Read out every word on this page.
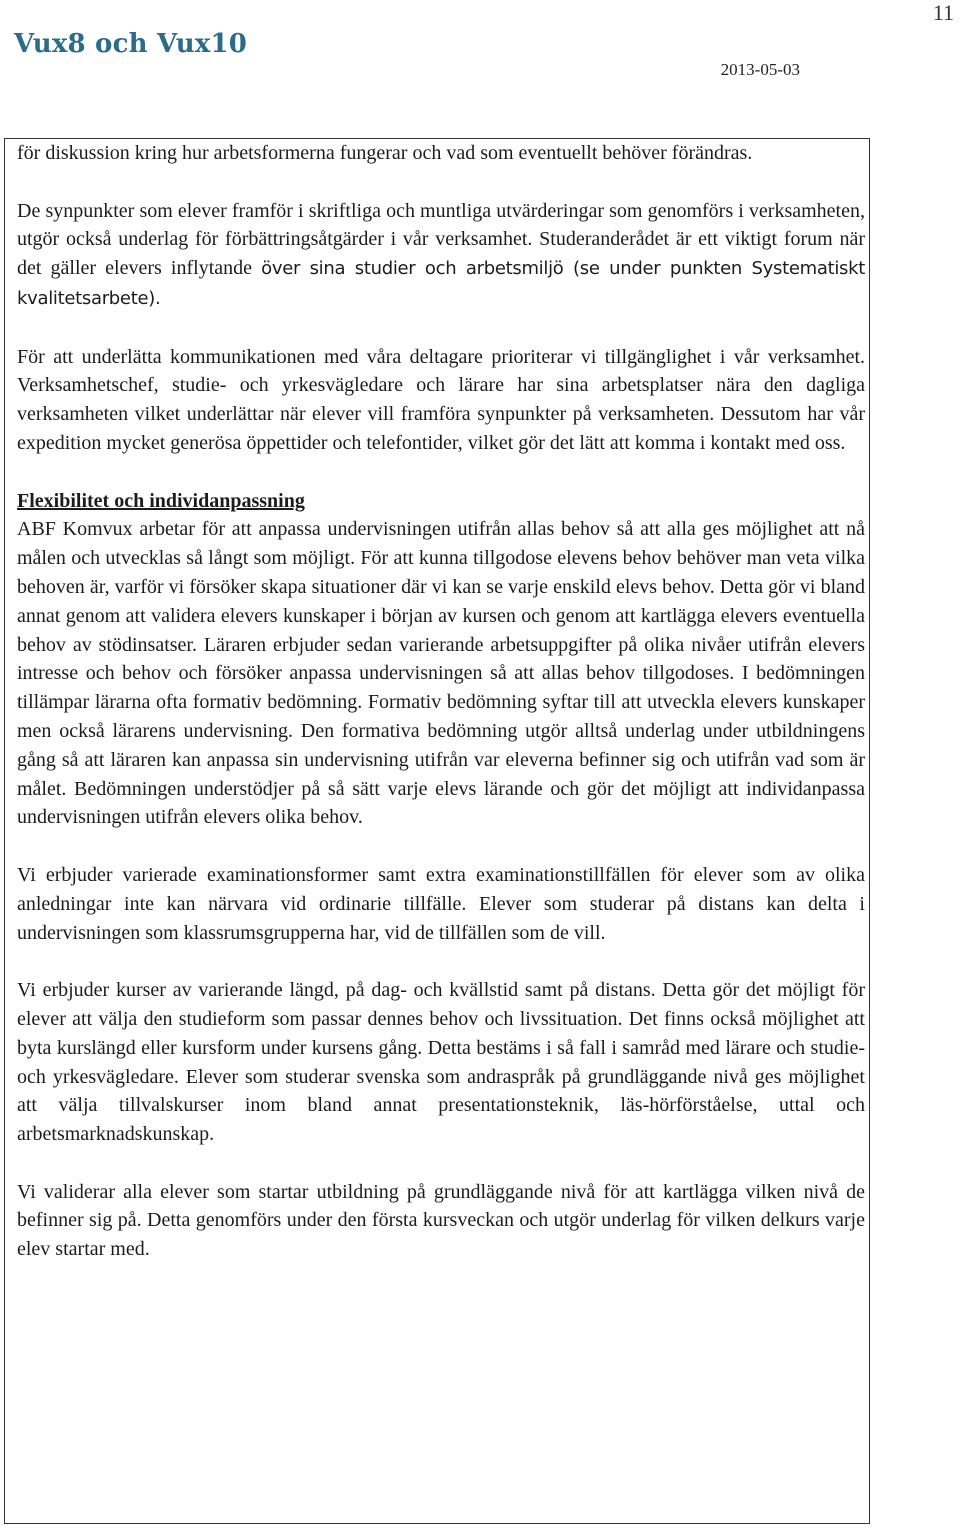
11
Vux8 och Vux10
2013-05-03

för diskussion kring hur arbetsformerna fungerar och vad som eventuellt behöver förändras.

De synpunkter som elever framför i skriftliga och muntliga utvärderingar som genomförs i verksamheten, utgör också underlag för förbättringsåtgärder i vår verksamhet. Studeranderådet är ett viktigt forum när det gäller elevers inflytande över sina studier och arbetsmiljö (se under punkten Systematiskt kvalitetsarbete).

För att underlätta kommunikationen med våra deltagare prioriterar vi tillgänglighet i vår verksamhet. Verksamhetschef, studie- och yrkesvägledare och lärare har sina arbetsplatser nära den dagliga verksamheten vilket underlättar när elever vill framföra synpunkter på verksamheten. Dessutom har vår expedition mycket generösa öppettider och telefontider, vilket gör det lätt att komma i kontakt med oss.

Flexibilitet och individanpassning

ABF Komvux arbetar för att anpassa undervisningen utifrån allas behov så att alla ges möjlighet att nå målen och utvecklas så långt som möjligt. För att kunna tillgodose elevens behov behöver man veta vilka behoven är, varför vi försöker skapa situationer där vi kan se varje enskild elevs behov. Detta gör vi bland annat genom att validera elevers kunskaper i början av kursen och genom att kartlägga elevers eventuella behov av stödinsatser. Läraren erbjuder sedan varierande arbetsuppgifter på olika nivåer utifrån elevers intresse och behov och försöker anpassa undervisningen så att allas behov tillgodoses. I bedömningen tillämpar lärarna ofta formativ bedömning. Formativ bedömning syftar till att utveckla elevers kunskaper men också lärarens undervisning. Den formativa bedömning utgör alltså underlag under utbildningens gång så att läraren kan anpassa sin undervisning utifrån var eleverna befinner sig och utifrån vad som är målet. Bedömningen understödjer på så sätt varje elevs lärande och gör det möjligt att individanpassa undervisningen utifrån elevers olika behov.

Vi erbjuder varierade examinationsformer samt extra examinationstillfällen för elever som av olika anledningar inte kan närvara vid ordinarie tillfälle. Elever som studerar på distans kan delta i undervisningen som klassrumsgrupperna har, vid de tillfällen som de vill.

Vi erbjuder kurser av varierande längd, på dag- och kvällstid samt på distans. Detta gör det möjligt för elever att välja den studieform som passar dennes behov och livssituation. Det finns också möjlighet att byta kurslängd eller kursform under kursens gång. Detta bestäms i så fall i samråd med lärare och studie- och yrkesvägledare. Elever som studerar svenska som andraspråk på grundläggande nivå ges möjlighet att välja tillvalskurser inom bland annat presentationsteknik, läs-hörförståelse, uttal och arbetsmarknadskunskap.

Vi validerar alla elever som startar utbildning på grundläggande nivå för att kartlägga vilken nivå de befinner sig på. Detta genomförs under den första kursveckan och utgör underlag för vilken delkurs varje elev startar med.
